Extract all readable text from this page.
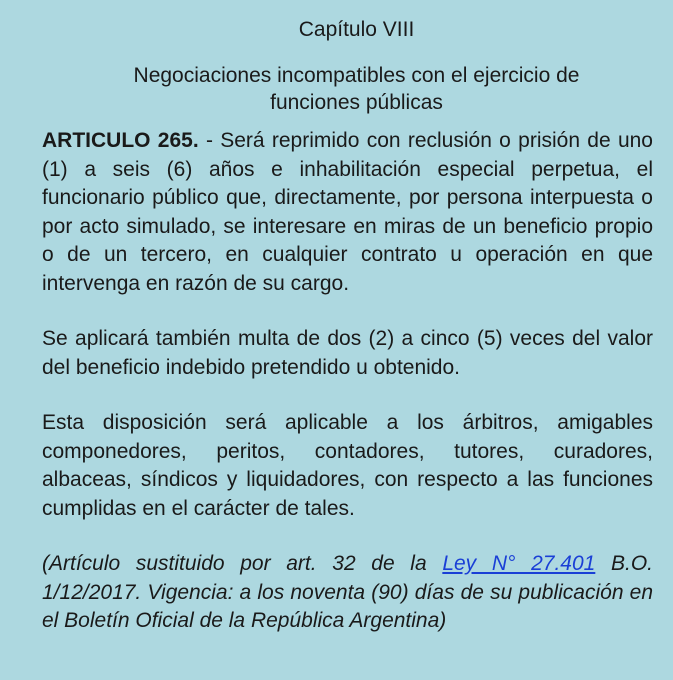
Capítulo VIII
Negociaciones incompatibles con el ejercicio de
funciones públicas

ARTICULO 265. - Será reprimido con reclusión o prisión de uno (1) a seis (6) años e inhabilitación especial perpetua, el funcionario público que, directamente, por persona interpuesta o por acto simulado, se interesare en miras de un beneficio propio o de un tercero, en cualquier contrato u operación en que intervenga en razón de su cargo.

Se aplicará también multa de dos (2) a cinco (5) veces del valor del beneficio indebido pretendido u obtenido.

Esta disposición será aplicable a los árbitros, amigables componedores, peritos, contadores, tutores, curadores, albaceas, síndicos y liquidadores, con respecto a las funciones cumplidas en el carácter de tales.

(Artículo sustituido por art. 32 de la Ley N° 27.401 B.O. 1/12/2017. Vigencia: a los noventa (90) días de su publicación en el Boletín Oficial de la República Argentina)
